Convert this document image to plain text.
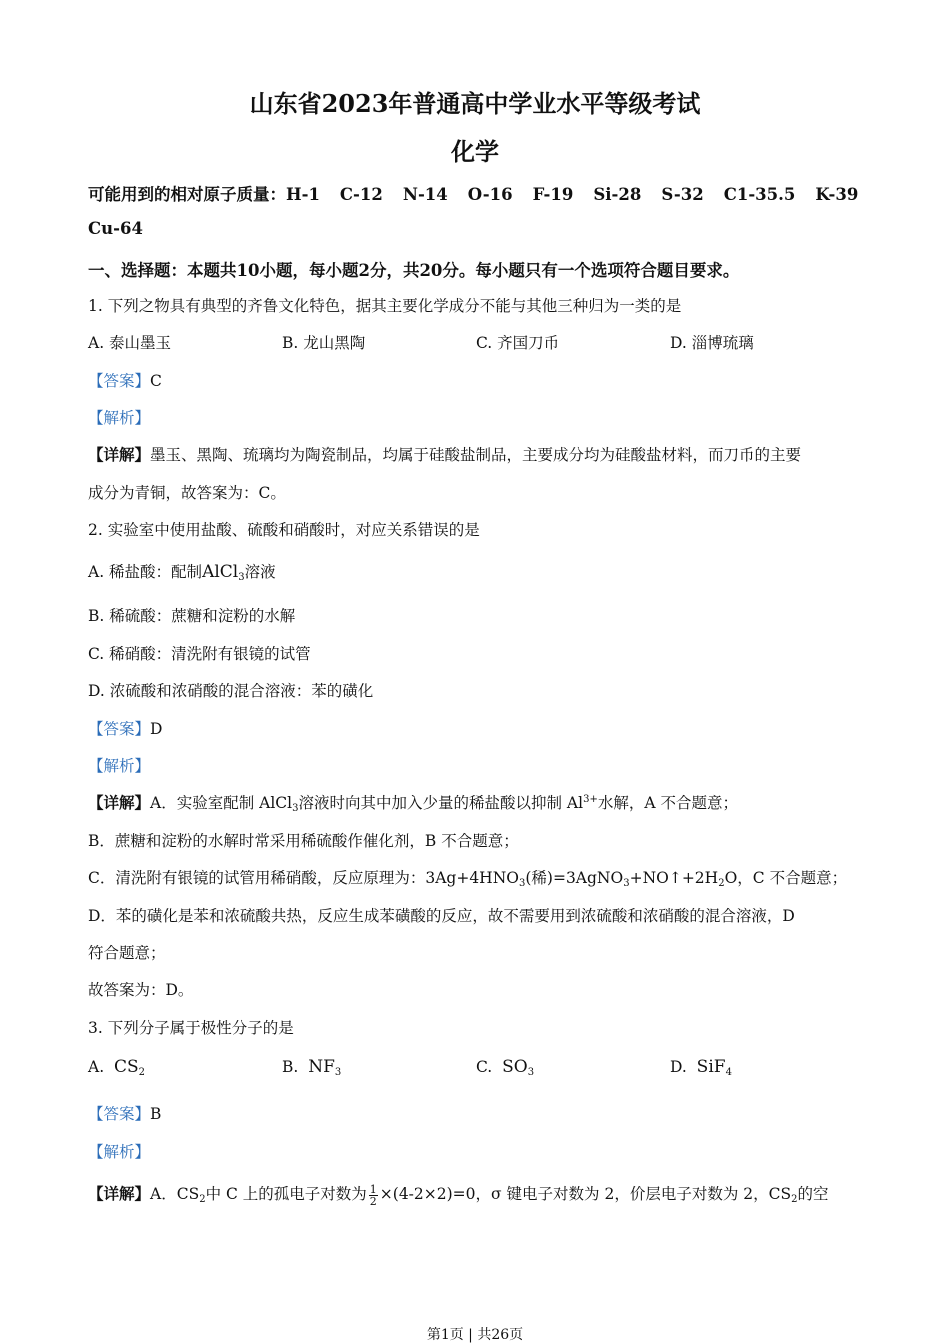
山东省2023年普通高中学业水平等级考试
化学
可能用到的相对原子质量：H-1 C-12 N-14 O-16 F-19 Si-28 S-32 C1-35.5 K-39
Cu-64
一、选择题：本题共10小题，每小题2分，共20分。每小题只有一个选项符合题目要求。
1. 下列之物具有典型的齐鲁文化特色，据其主要化学成分不能与其他三种归为一类的是
A. 泰山墨玉	B. 龙山黑陶	C. 齐国刀币	D. 淄博琉璃
【答案】C
【解析】
【详解】墨玉、黑陶、琉璃均为陶瓷制品，均属于硅酸盐制品，主要成分均为硅酸盐材料，而刀币的主要
成分为青铜，故答案为：C。
2. 实验室中使用盐酸、硫酸和硝酸时，对应关系错误的是
A. 稀盐酸：配制AlCl$_3$溶液
B. 稀硫酸：蔗糖和淀粉的水解
C. 稀硝酸：清洗附有银镜的试管
D. 浓硫酸和浓硝酸的混合溶液：苯的磺化
【答案】D
【解析】
【详解】A．实验室配制 AlCl$_3$溶液时向其中加入少量的稀盐酸以抑制 $Al^{3+}$水解，A 不合题意；
B．蔗糖和淀粉的水解时常采用稀硫酸作催化剂，B 不合题意；
C．清洗附有银镜的试管用稀硝酸，反应原理为：$3Ag+4HNO_3$(稀)$=3AgNO_3+NO↑+2H_2O$，C 不合题意；
D．苯的磺化是苯和浓硫酸共热，反应生成苯磺酸的反应，故不需要用到浓硫酸和浓硝酸的混合溶液，D
符合题意；
故答案为：D。
3. 下列分子属于极性分子的是
A. $CS_2$	B. $NF_3$	C. $SO_3$	D. SiF$_4$
【答案】B
【解析】
【详解】A．$CS_2$中 C 上的孤电子对数为 $\frac{1}{2} \times(4-2\times 2)=0$，σ 键电子对数为 2，价层电子对数为 2，$CS_2$的空
第1页 | 共26页
